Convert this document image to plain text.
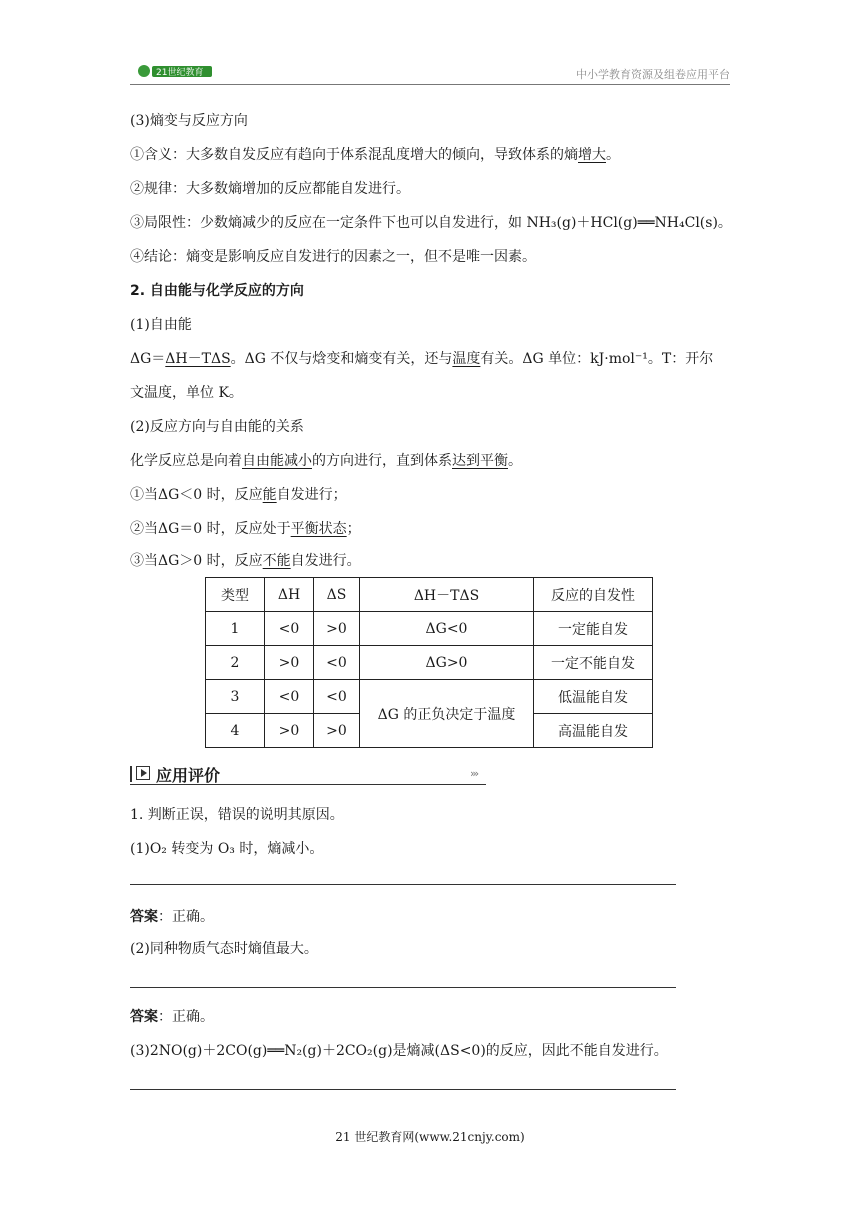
21世纪教育	中小学教育资源及组卷应用平台
(3)熵变与反应方向
①含义：大多数自发反应有趋向于体系混乱度增大的倾向，导致体系的熵增大。
②规律：大多数熵增加的反应都能自发进行。
③局限性：少数熵减少的反应在一定条件下也可以自发进行，如 NH₃(g)＋HCl(g)══NH₄Cl(s)。
④结论：熵变是影响反应自发进行的因素之一，但不是唯一因素。
2. 自由能与化学反应的方向
(1)自由能
ΔG＝ΔH－TΔS。ΔG 不仅与焓变和熵变有关，还与温度有关。ΔG 单位：kJ·mol⁻¹。T：开尔
文温度，单位 K。
(2)反应方向与自由能的关系
化学反应总是向着自由能减小的方向进行，直到体系达到平衡。
①当ΔG＜0 时，反应能自发进行；
②当ΔG＝0 时，反应处于平衡状态；
③当ΔG＞0 时，反应不能自发进行。
类型	ΔH	ΔS	ΔH－TΔS	反应的自发性
1	<0	>0	ΔG<0	一定能自发
2	>0	<0	ΔG>0	一定不能自发
3	<0	<0	ΔG 的正负决定于温度	低温能自发
4	>0	>0		高温能自发
应用评价	›››
1. 判断正误，错误的说明其原因。
(1)O₂ 转变为 O₃ 时，熵减小。
答案：正确。
(2)同种物质气态时熵值最大。
答案：正确。
(3)2NO(g)＋2CO(g)══N₂(g)＋2CO₂(g)是熵减(ΔS<0)的反应，因此不能自发进行。
21 世纪教育网(www.21cnjy.com)
